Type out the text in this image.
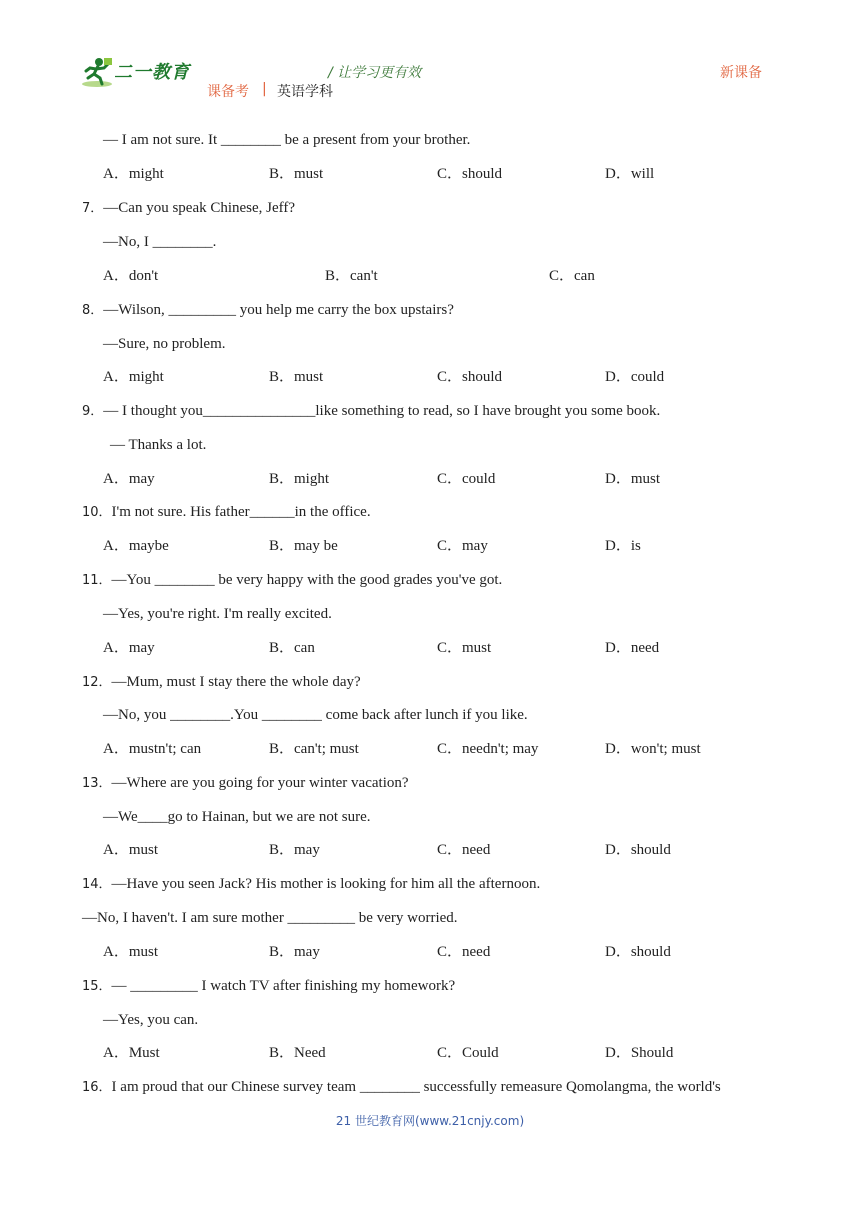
二一教育	/ 让学习更有效	新课备
课备考 | 英语学科
— I am not sure. It ________ be a present from your brother.
A．might	B．must	C．should	D．will
7．—Can you speak Chinese, Jeff?
—No, I ________.
A．don't	B．can't	C．can
8．—Wilson, _________ you help me carry the box upstairs?
—Sure, no problem.
A．might	B．must	C．should	D．could
9．— I thought you_______________like something to read, so I have brought you some book.
— Thanks a lot.
A．may	B．might	C．could	D．must
10．I'm not sure. His father______in the office.
A．maybe	B．may be	C．may	D．is
11．—You ________ be very happy with the good grades you've got.
—Yes, you're right. I'm really excited.
A．may	B．can	C．must	D．need
12．—Mum, must I stay there the whole day?
—No, you ________.You ________ come back after lunch if you like.
A．mustn't; can	B．can't; must	C．needn't; may	D．won't; must
13．—Where are you going for your winter vacation?
—We____go to Hainan, but we are not sure.
A．must	B．may	C．need	D．should
14．—Have you seen Jack? His mother is looking for him all the afternoon.
—No, I haven't. I am sure mother _________ be very worried.
A．must	B．may	C．need	D．should
15．— _________ I watch TV after finishing my homework?
—Yes, you can.
A．Must	B．Need	C．Could	D．Should
16．I am proud that our Chinese survey team ________ successfully remeasure Qomolangma, the world's
21 世纪教育网(www.21cnjy.com)
